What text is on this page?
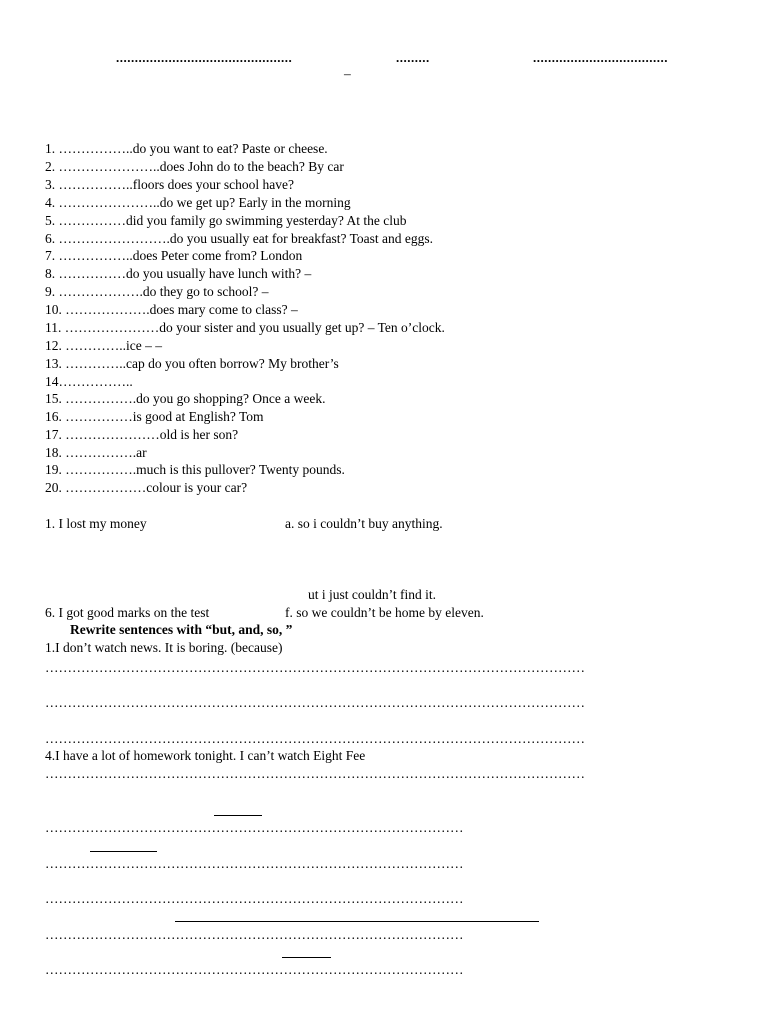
...............................................	.........	....................................
–
1. ……………..do you want to eat? Paste or cheese.
2. …………………..does John do to the beach? By car
3. ……………..floors does your school have?
4. …………………..do we get up? Early in the morning
5. ……………did you family go swimming yesterday? At the club
6. …………………….do you usually eat for breakfast? Toast and eggs.
7. ……………..does Peter come from? London
8. ……………do you usually have lunch with? –
9. ……………….do they go to school? –
10. ……………….does mary come to class? –
11. …………………do your sister and you usually get up? – Ten o’clock.
12. …………..ice – –
13. …………..cap do you often borrow? My brother’s
14……………..
15. …………….do you go shopping? Once a week.
16. ……………is good at English? Tom
17. …………………old is her son?
18. …………….ar
19. …………….much is this pullover? Twenty pounds.
20. ………………colour is your car?
1. I lost my money	a. so i couldn’t buy anything.
ut i just couldn’t find it.
6. I got good marks on the test	f. so we couldn’t be home by eleven.
Rewrite sentences with “but, and, so, ”
1.I don’t watch news. It is boring. (because)
…………………………………………………………………………………………………………
…………………………………………………………………………………………………………
…………………………………………………………………………………………………………
4.I have a lot of homework tonight. I can’t watch Eight Fee
…………………………………………………………………………………………………………
…………………………………………………………………………………
…………………………………………………………………………………
…………………………………………………………………………………
…………………………………………………………………………………
…………………………………………………………………………………
